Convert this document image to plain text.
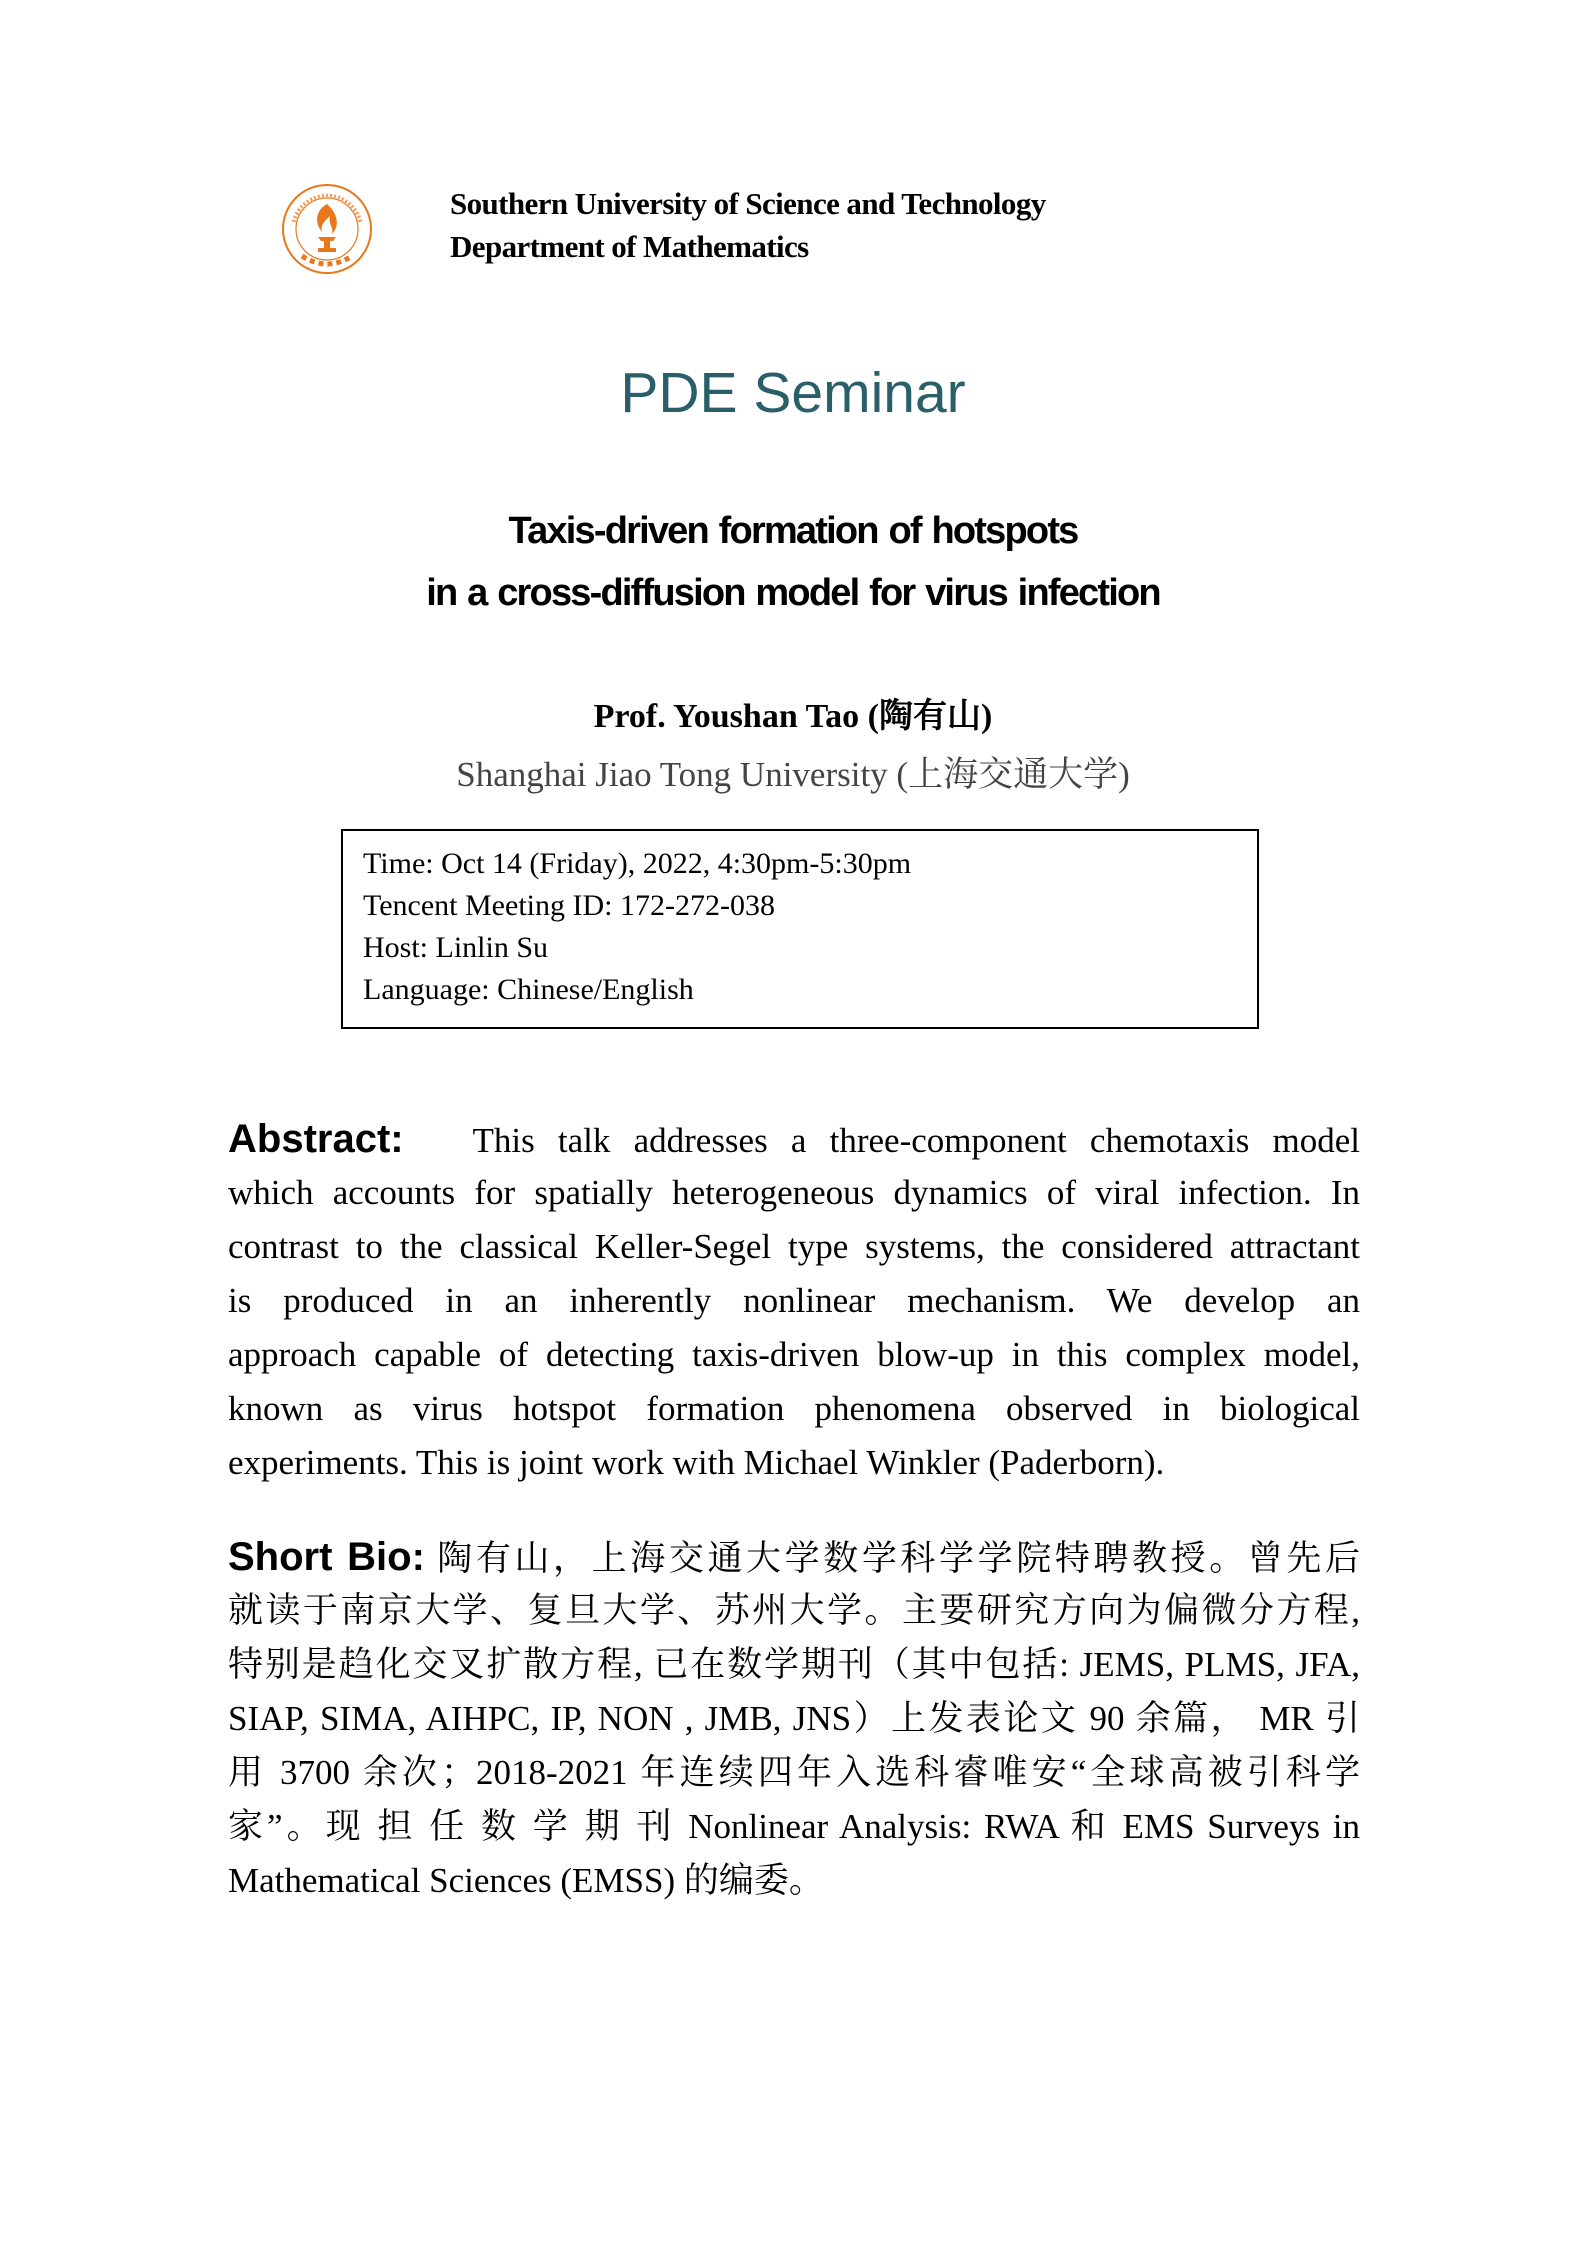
Southern University of Science and Technology
Department of Mathematics
PDE Seminar
Taxis-driven formation of hotspots
in a cross-diffusion model for virus infection
Prof. Youshan Tao (陶有山)
Shanghai Jiao Tong University (上海交通大学)
Time: Oct 14 (Friday), 2022, 4:30pm-5:30pm
Tencent Meeting ID: 172-272-038
Host: Linlin Su
Language: Chinese/English
Abstract: This talk addresses a three-component chemotaxis model
which accounts for spatially heterogeneous dynamics of viral infection. In
contrast to the classical Keller-Segel type systems, the considered attractant
is produced in an inherently nonlinear mechanism. We develop an
approach capable of detecting taxis-driven blow-up in this complex model,
known as virus hotspot formation phenomena observed in biological
experiments. This is joint work with Michael Winkler (Paderborn).
Short Bio: 陶有山，上海交通大学数学科学学院特聘教授。曾先后
就读于南京大学、复旦大学、苏州大学。主要研究方向为偏微分方程,
特别是趋化交叉扩散方程, 已在数学期刊（其中包括: JEMS, PLMS, JFA,
SIAP, SIMA, AIHPC, IP, NON , JMB, JNS）上发表论文 90 余篇， MR 引
用 3700 余次；2018-2021 年连续四年入选科睿唯安“全球高被引科学
家”。现 担 任 数 学 期 刊 Nonlinear Analysis: RWA 和 EMS Surveys in
Mathematical Sciences (EMSS) 的编委。
